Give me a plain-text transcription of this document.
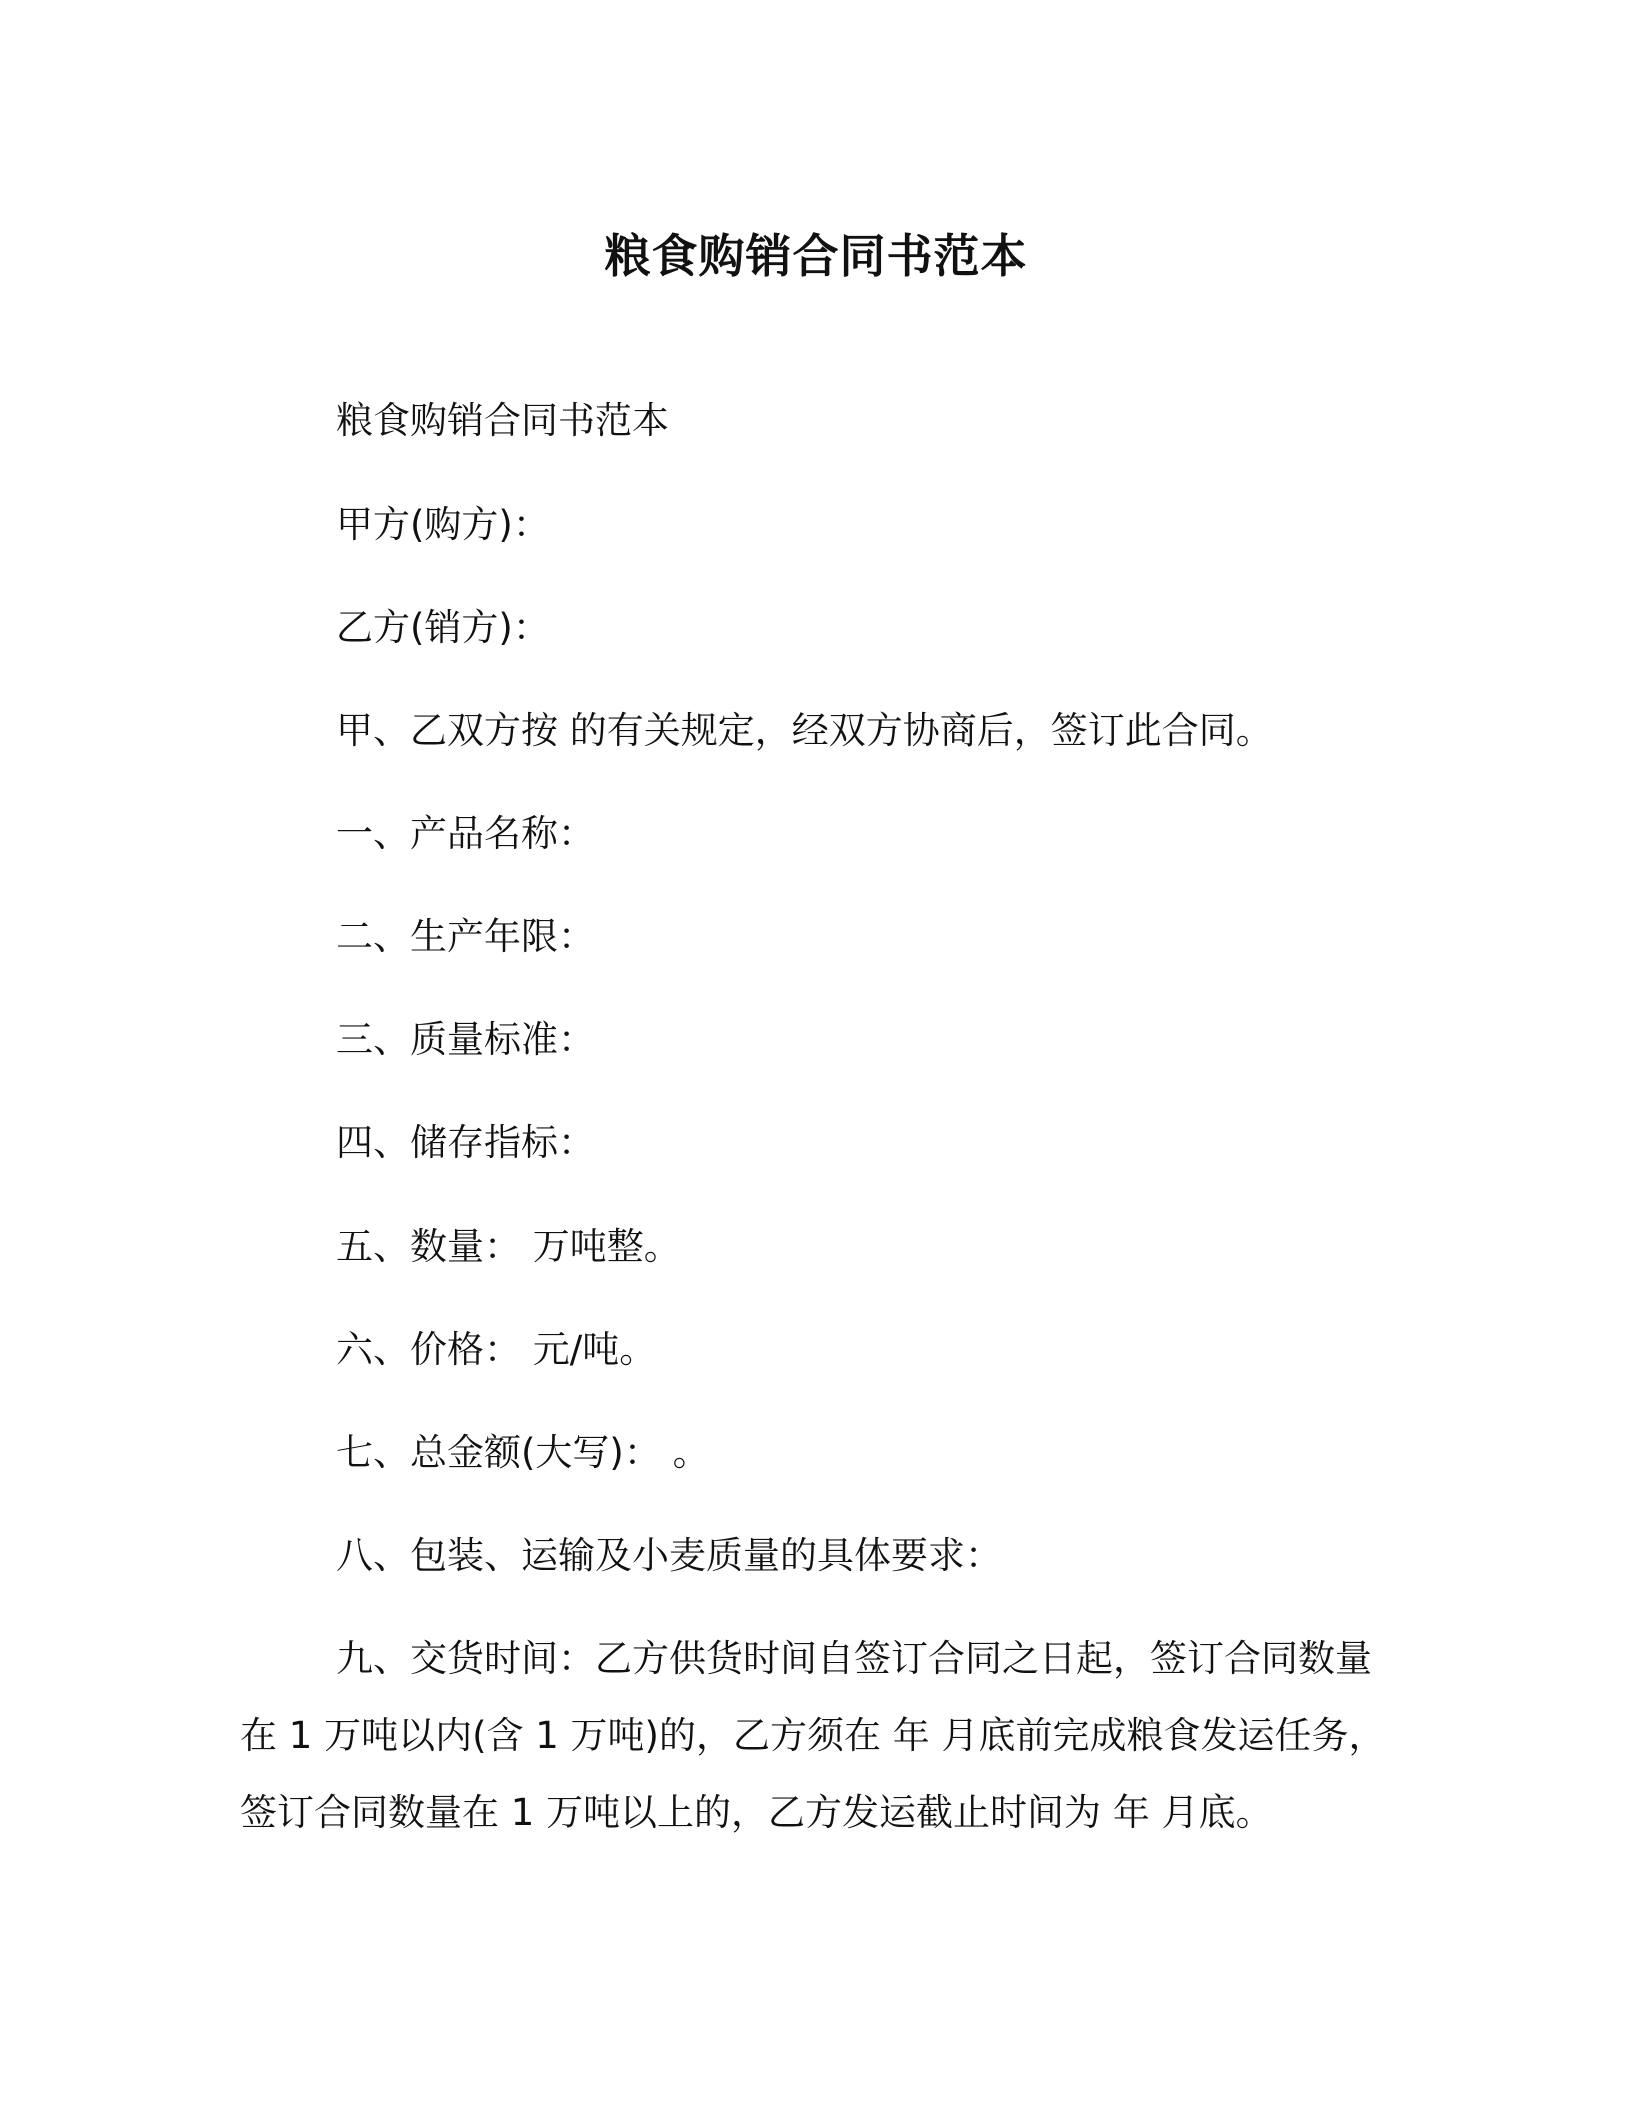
粮食购销合同书范本
粮食购销合同书范本
甲方(购方)：
乙方(销方)：
甲、乙双方按 的有关规定，经双方协商后，签订此合同。
一、产品名称：
二、生产年限：
三、质量标准：
四、储存指标：
五、数量： 万吨整。
六、价格： 元/吨。
七、总金额(大写)： 。
八、包装、运输及小麦质量的具体要求：
九、交货时间：乙方供货时间自签订合同之日起，签订合同数量
在 1 万吨以内(含 1 万吨)的，乙方须在 年 月底前完成粮食发运任务，
签订合同数量在 1 万吨以上的，乙方发运截止时间为 年 月底。
